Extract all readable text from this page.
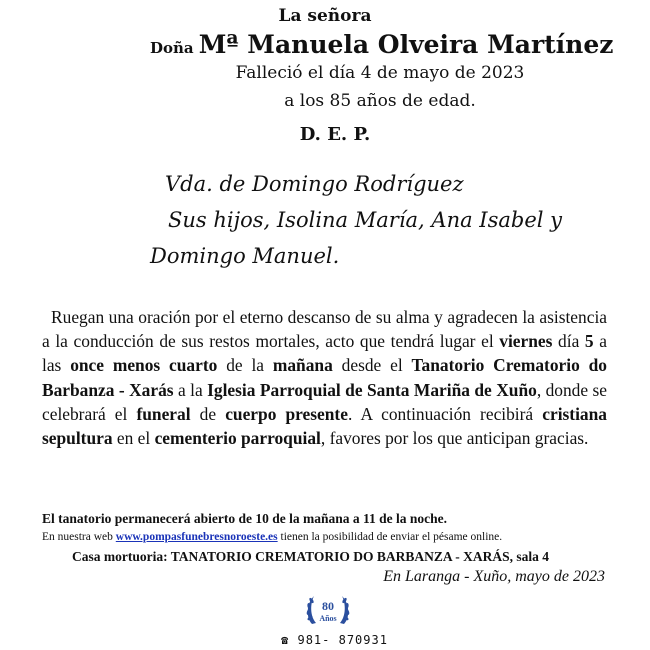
La señora
Doña Mª Manuela Olveira Martínez
Falleció el día 4 de mayo de 2023
a los 85 años de edad.
D. E. P.
Vda. de Domingo Rodríguez
Sus hijos, Isolina María, Ana Isabel y
Domingo Manuel.
Ruegan una oración por el eterno descanso de su alma y agradecen la asistencia a la conducción de sus restos mortales, acto que tendrá lugar el viernes día 5 a las once menos cuarto de la mañana desde el Tanatorio Crematorio do Barbanza - Xarás a la Iglesia Parroquial de Santa Mariña de Xuño, donde se celebrará el funeral de cuerpo presente. A continuación recibirá cristiana sepultura en el cementerio parroquial, favores por los que anticipan gracias.
El tanatorio permanecerá abierto de 10 de la mañana a 11 de la noche.
En nuestra web www.pompasfunebresnoroeste.es tienen la posibilidad de enviar el pésame online.
Casa mortuoria: TANATORIO CREMATORIO DO BARBANZA - XARÁS, sala 4
En Laranga - Xuño, mayo de 2023
80
Años
☎ 981- 870931
